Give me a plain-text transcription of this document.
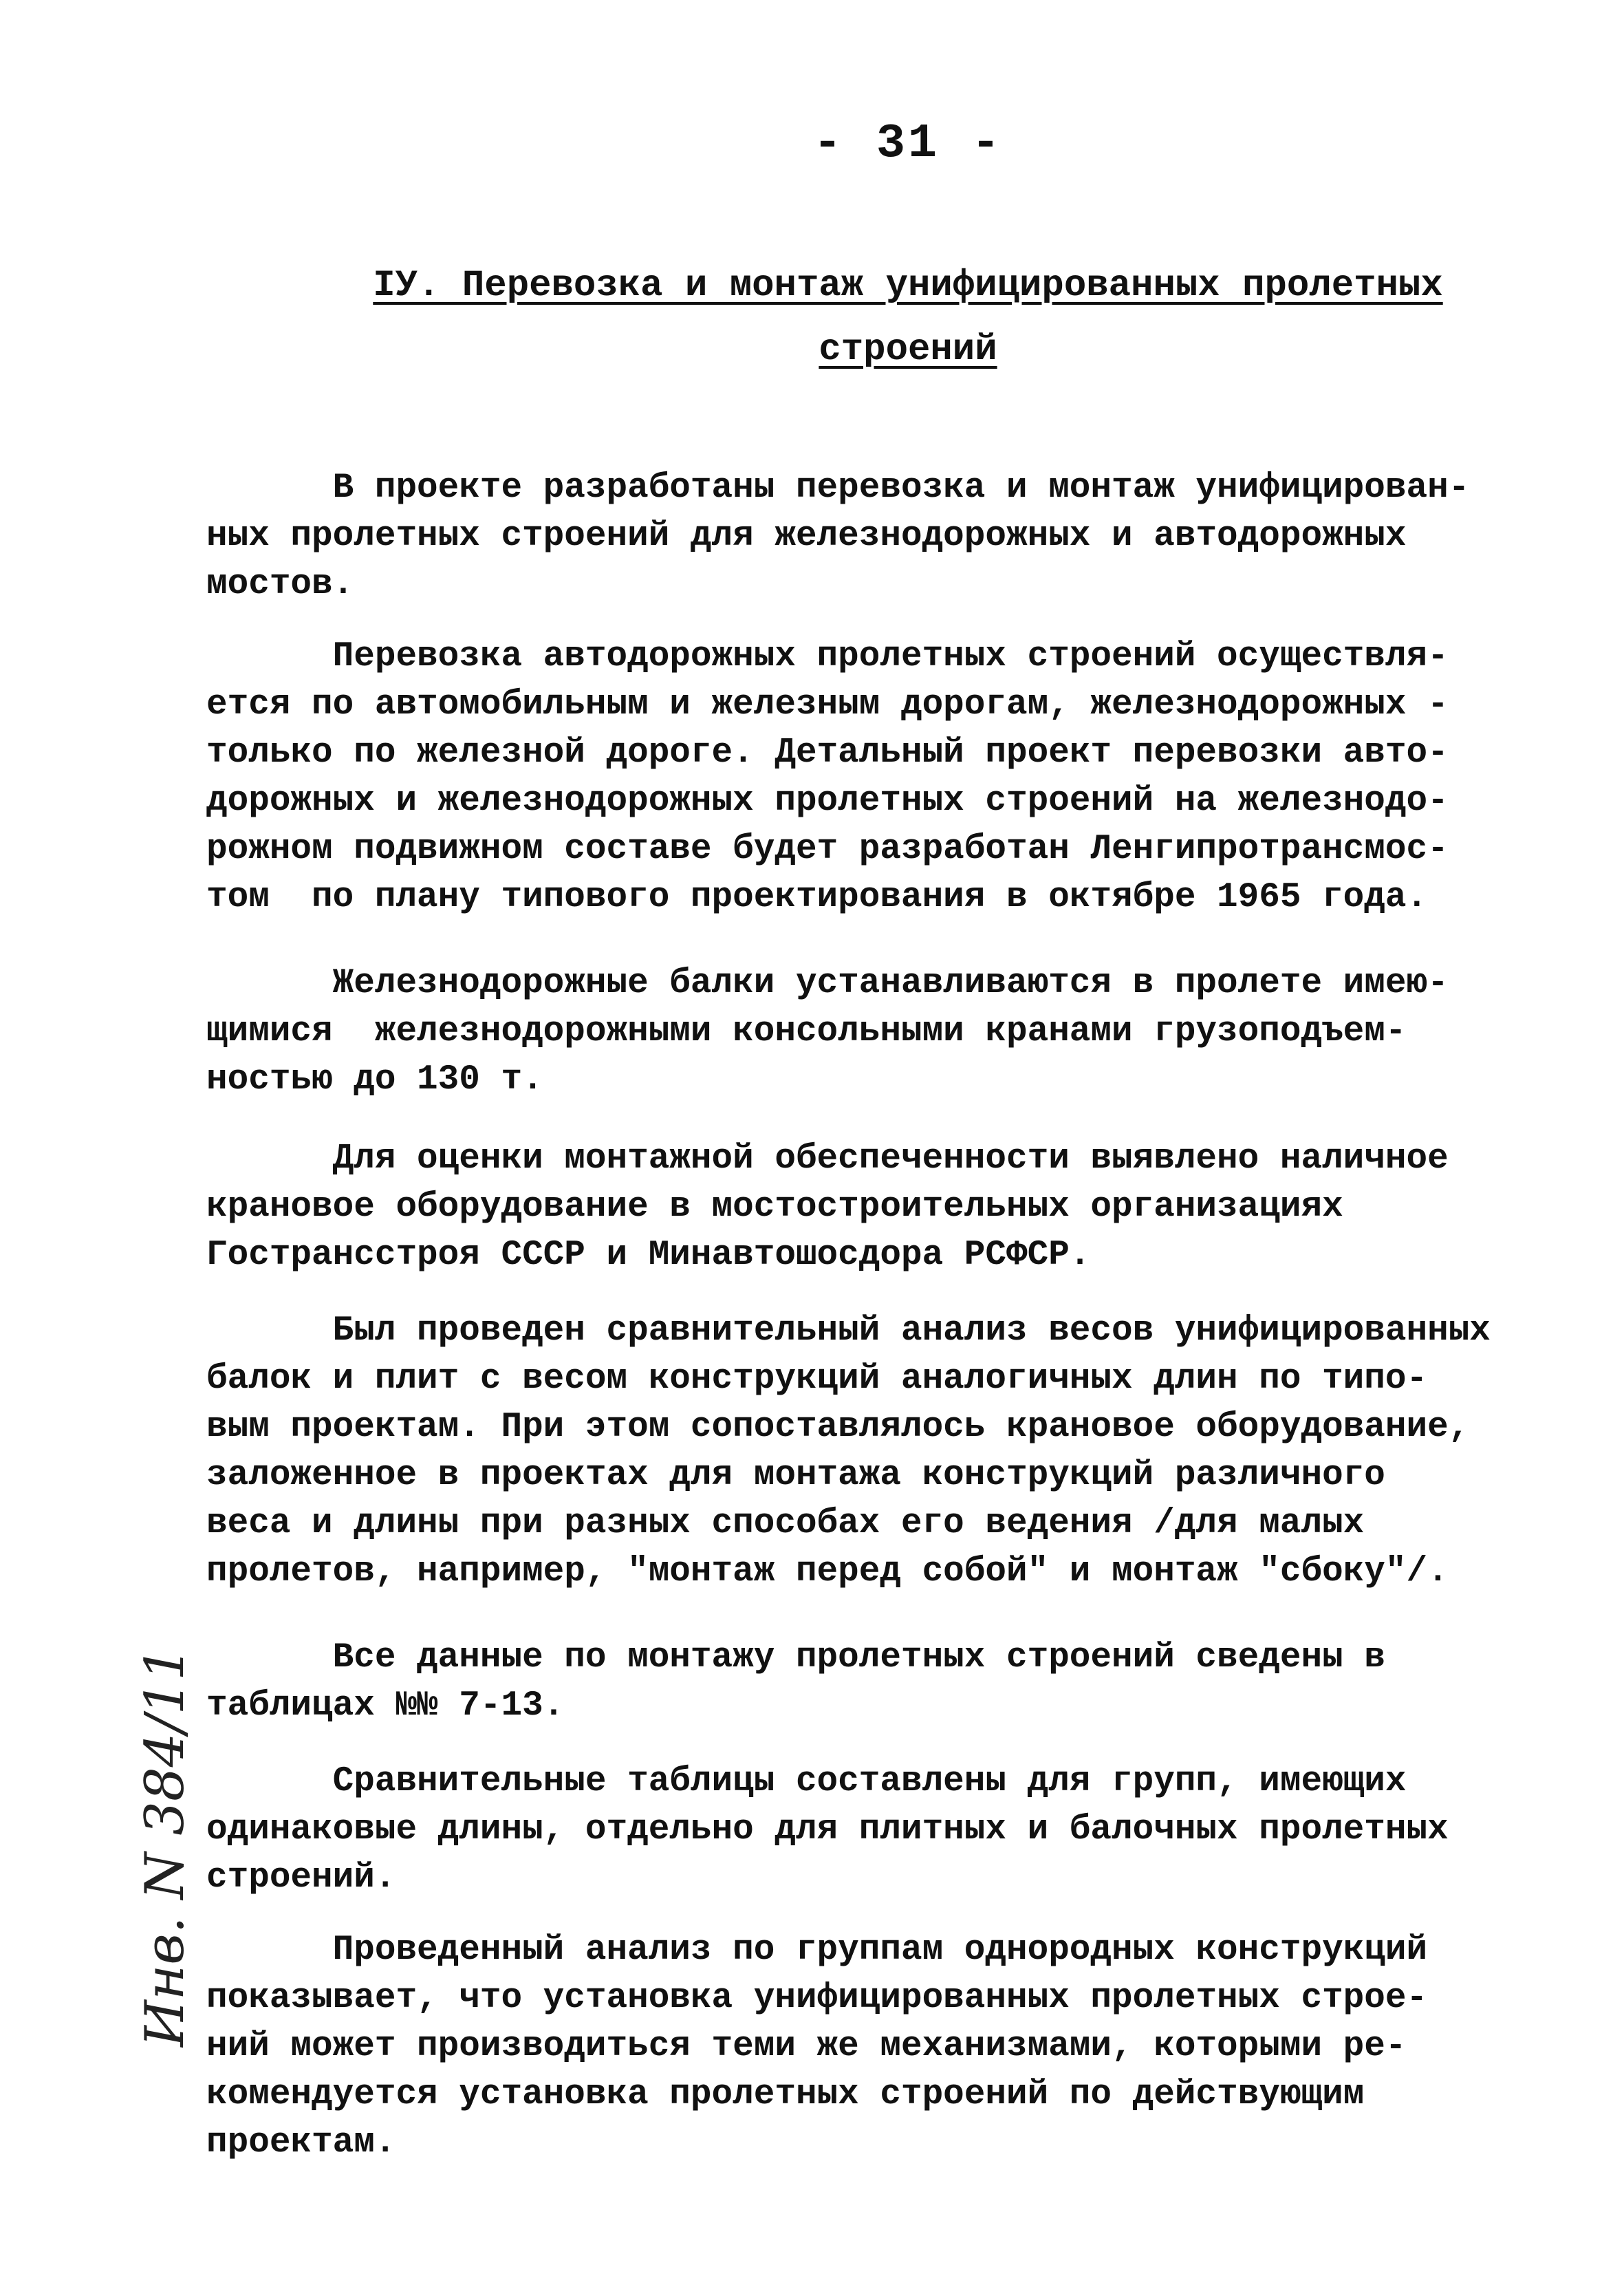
- 31 -
IУ. Перевозка и монтаж унифицированных пролетных
строений

В проекте разработаны перевозка и монтаж унифицирован-
ных пролетных строений для железнодорожных и автодорожных
мостов.

Перевозка автодорожных пролетных строений осуществля-
ется по автомобильным и железным дорогам, железнодорожных -
только по железной дороге. Детальный проект перевозки авто-
дорожных и железнодорожных пролетных строений на железнодо-
рожном подвижном составе будет разработан Ленгипротрансмос-
том  по плану типового проектирования в октябре 1965 года.

Железнодорожные балки устанавливаются в пролете имею-
щимися  железнодорожными консольными кранами грузоподъем-
ностью до 130 т.

Для оценки монтажной обеспеченности выявлено наличное
крановое оборудование в мостостроительных организациях
Гострансстроя СССР и Минавтошосдора РСФСР.

Был проведен сравнительный анализ весов унифицированных
балок и плит с весом конструкций аналогичных длин по типо-
вым проектам. При этом сопоставлялось крановое оборудование,
заложенное в проектах для монтажа конструкций различного
веса и длины при разных способах его ведения /для малых
пролетов, например, "монтаж перед собой" и монтаж "сбоку"/.

Все данные по монтажу пролетных строений сведены в
таблицах №№ 7-13.

Сравнительные таблицы составлены для групп, имеющих
одинаковые длины, отдельно для плитных и балочных пролетных
строений.

Проведенный анализ по группам однородных конструкций
показывает, что установка унифицированных пролетных строе-
ний может производиться теми же механизмами, которыми ре-
комендуется установка пролетных строений по действующим
проектам.

Инв. N 384/11
